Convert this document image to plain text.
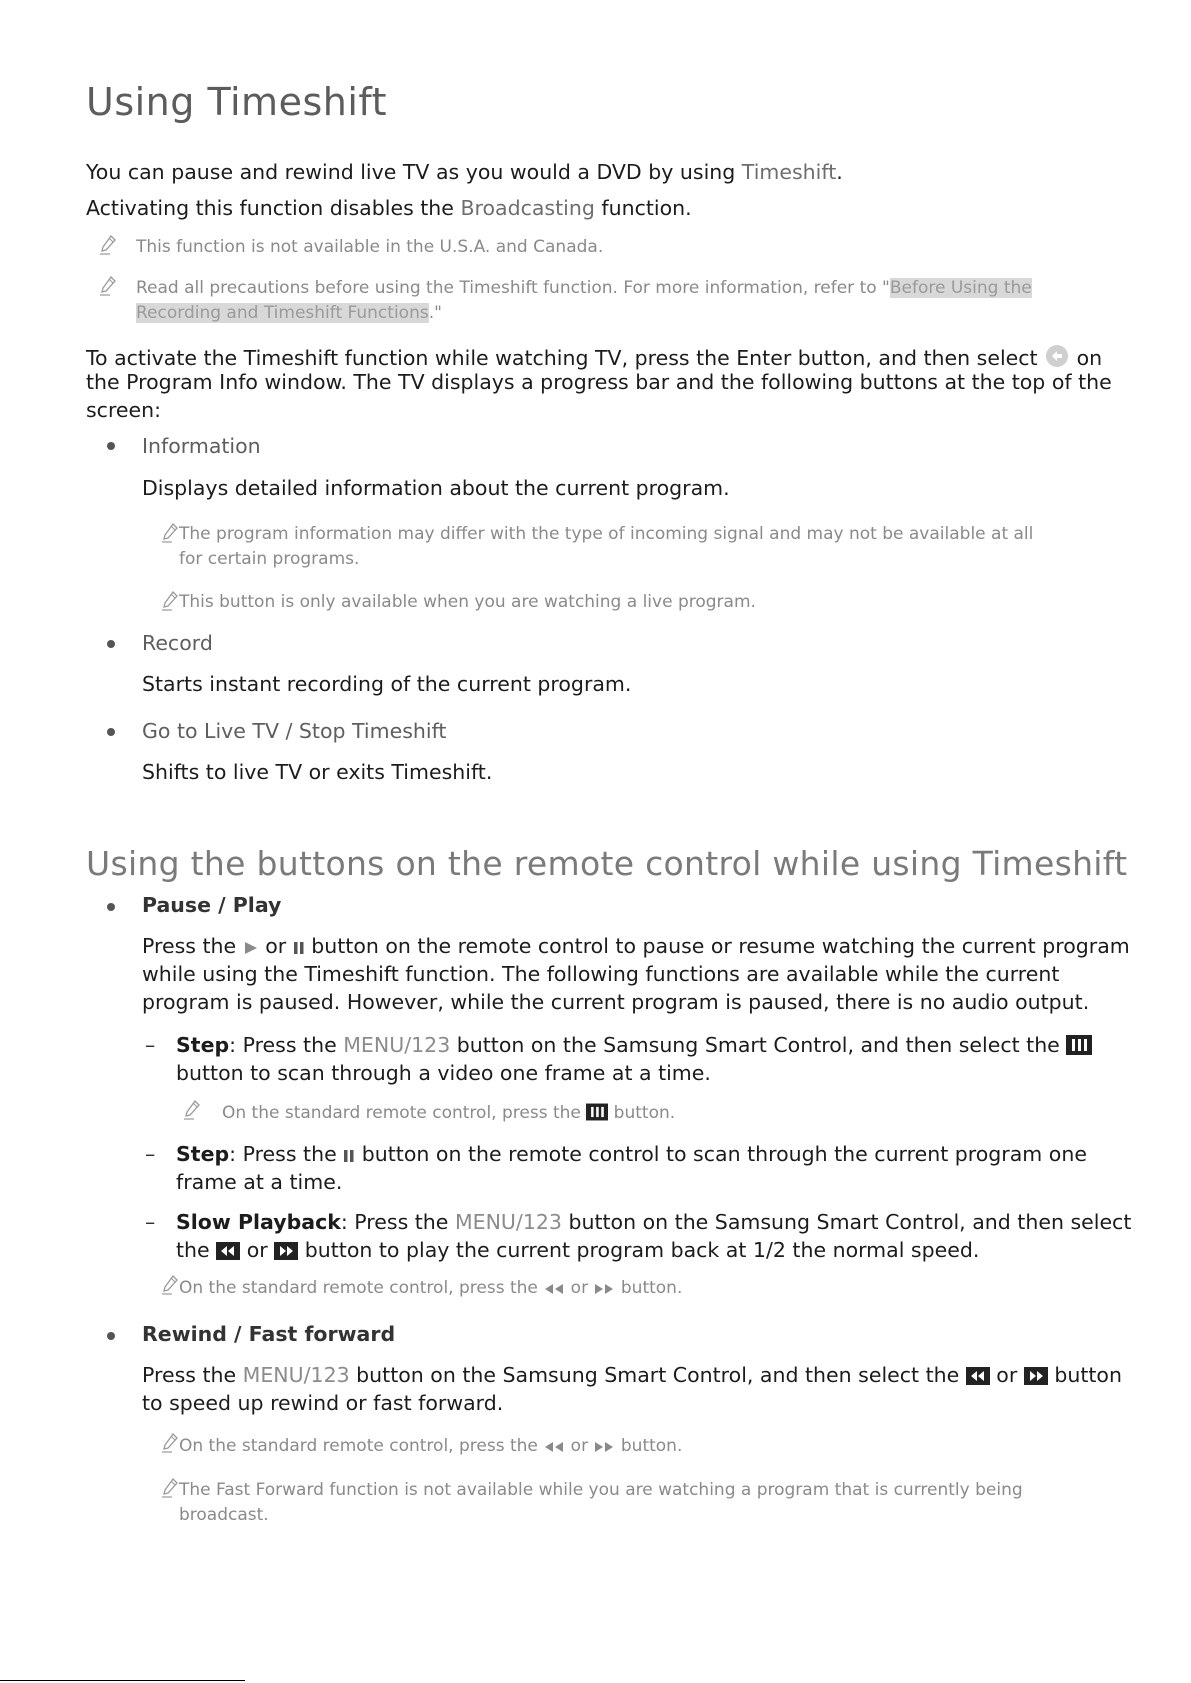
Using Timeshift
You can pause and rewind live TV as you would a DVD by using Timeshift.
Activating this function disables the Broadcasting function.
This function is not available in the U.S.A. and Canada.
Read all precautions before using the Timeshift function. For more information, refer to "Before Using the
Recording and Timeshift Functions."
To activate the Timeshift function while watching TV, press the Enter button, and then select on
the Program Info window. The TV displays a progress bar and the following buttons at the top of the
screen:
Information
Displays detailed information about the current program.
The program information may differ with the type of incoming signal and may not be available at all
for certain programs.
This button is only available when you are watching a live program.
Record
Starts instant recording of the current program.
Go to Live TV / Stop Timeshift
Shifts to live TV or exits Timeshift.
Using the buttons on the remote control while using Timeshift
Pause / Play
Press the or button on the remote control to pause or resume watching the current program
while using the Timeshift function. The following functions are available while the current
program is paused. However, while the current program is paused, there is no audio output.
– Step: Press the MENU/123 button on the Samsung Smart Control, and then select the
button to scan through a video one frame at a time.
On the standard remote control, press the button.
– Step: Press the button on the remote control to scan through the current program one
frame at a time.
– Slow Playback: Press the MENU/123 button on the Samsung Smart Control, and then select
the or button to play the current program back at 1/2 the normal speed.
On the standard remote control, press the or button.
Rewind / Fast forward
Press the MENU/123 button on the Samsung Smart Control, and then select the or button
to speed up rewind or fast forward.
On the standard remote control, press the or button.
The Fast Forward function is not available while you are watching a program that is currently being
broadcast.
